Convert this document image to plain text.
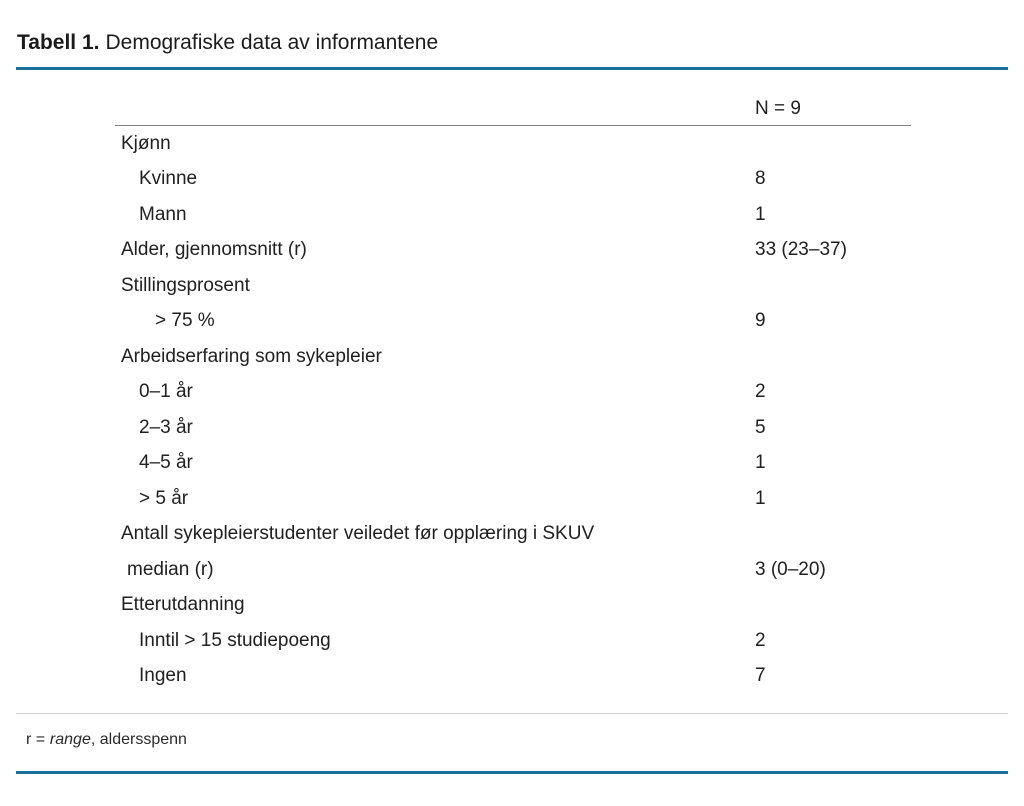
Tabell 1. Demografiske data av informantene
N = 9
Kjønn
Kvinne	8
Mann	1
Alder, gjennomsnitt (r)	33 (23–37)
Stillingsprosent
> 75 %	9
Arbeidserfaring som sykepleier
0–1 år	2
2–3 år	5
4–5 år	1
> 5 år	1
Antall sykepleierstudenter veiledet før opplæring i SKUV
median (r)	3 (0–20)
Etterutdanning
Inntil > 15 studiepoeng	2
Ingen	7
r = range, aldersspenn
